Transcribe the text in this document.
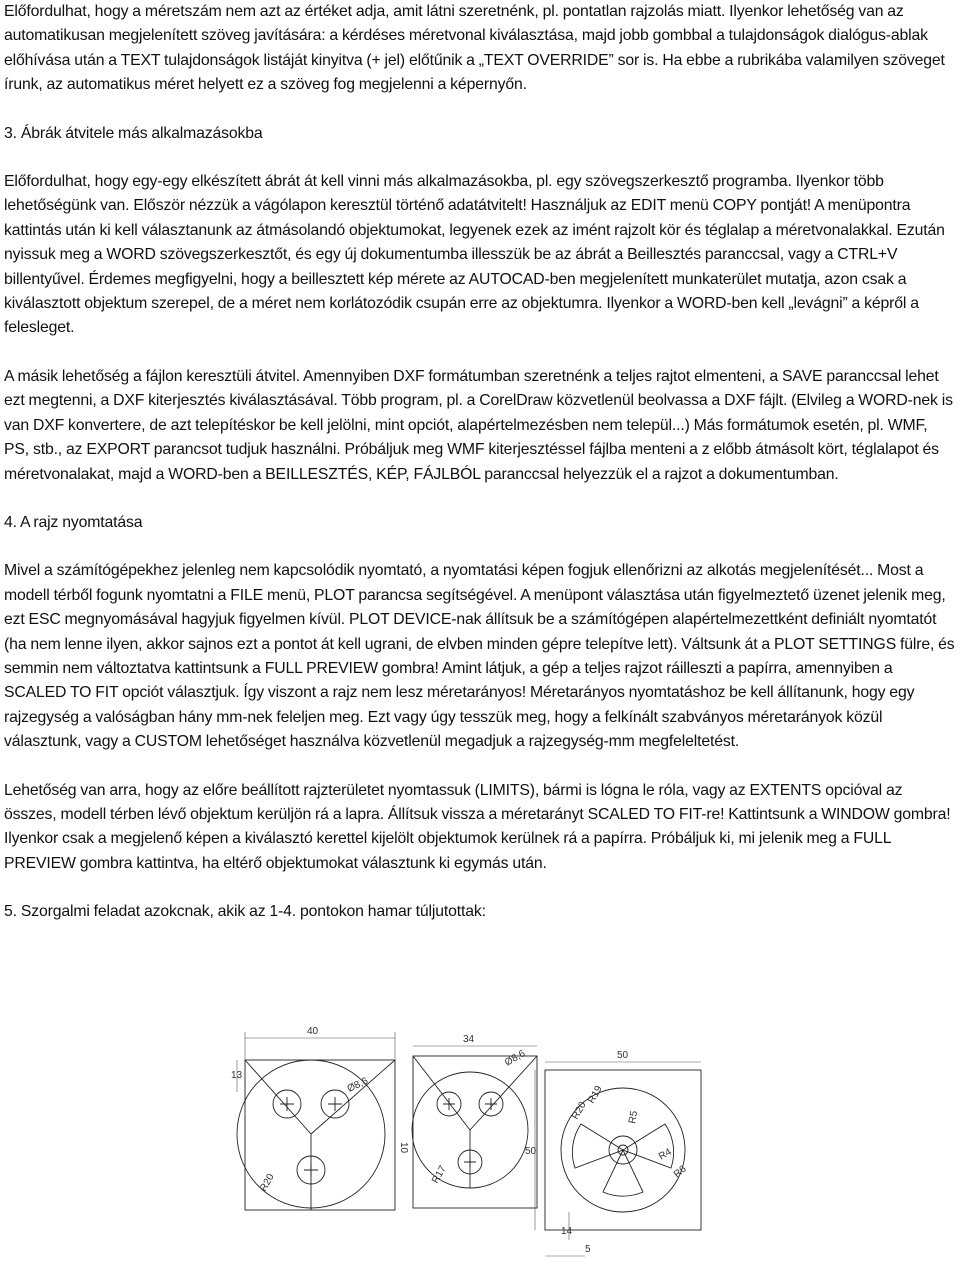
Előfordulhat, hogy a méretszám nem azt az értéket adja, amit látni szeretnénk, pl. pontatlan rajzolás miatt. Ilyenkor lehetőség van az automatikusan megjelenített szöveg javítására: a kérdéses méretvonal kiválasztása, majd jobb gombbal a tulajdonságok dialógus-ablak előhívása után a TEXT tulajdonságok listáját kinyitva (+ jel) előtűnik a „TEXT OVERRIDE” sor is. Ha ebbe a rubrikába valamilyen szöveget írunk, az automatikus méret helyett ez a szöveg fog megjelenni a képernyőn.

3. Ábrák átvitele más alkalmazásokba

Előfordulhat, hogy egy-egy elkészített ábrát át kell vinni más alkalmazásokba, pl. egy szövegszerkesztő programba. Ilyenkor több lehetőségünk van. Először nézzük a vágólapon keresztül történő adatátvitelt! Használjuk az EDIT menü COPY pontját! A menüpontra kattintás után ki kell választanunk az átmásolandó objektumokat, legyenek ezek az imént rajzolt kör és téglalap a méretvonalakkal. Ezután nyissuk meg a WORD szövegszerkesztőt, és egy új dokumentumba illesszük be az ábrát a Beillesztés paranccsal, vagy a CTRL+V billentyűvel. Érdemes megfigyelni, hogy a beillesztett kép mérete az AUTOCAD-ben megjelenített munkaterület mutatja, azon csak a kiválasztott objektum szerepel, de a méret nem korlátozódik csupán erre az objektumra. Ilyenkor a WORD-ben kell „levágni” a képről a felesleget.

A másik lehetőség a fájlon keresztüli átvitel. Amennyiben DXF formátumban szeretnénk a teljes rajtot elmenteni, a SAVE paranccsal lehet ezt megtenni, a DXF kiterjesztés kiválasztásával. Több program, pl. a CorelDraw közvetlenül beolvassa a DXF fájlt. (Elvileg a WORD-nek is van DXF konvertere, de azt telepítéskor be kell jelölni, mint opciót, alapértelmezésben nem települ...) Más formátumok esetén, pl. WMF, PS, stb., az EXPORT parancsot tudjuk használni. Próbáljuk meg WMF kiterjesztéssel fájlba menteni a z előbb átmásolt kört, téglalapot és méretvonalakat, majd a WORD-ben a BEILLESZTÉS, KÉP, FÁJLBÓL paranccsal helyezzük el a rajzot a dokumentumban.

4. A rajz nyomtatása

Mivel a számítógépekhez jelenleg nem kapcsolódik nyomtató, a nyomtatási képen fogjuk ellenőrizni az alkotás megjelenítését... Most a modell térből fogunk nyomtatni a FILE menü, PLOT parancsa segítségével. A menüpont választása után figyelmeztető üzenet jelenik meg, ezt ESC megnyomásával hagyjuk figyelmen kívül. PLOT DEVICE-nak állítsuk be a számítógépen alapértelmezettként definiált nyomtatót (ha nem lenne ilyen, akkor sajnos ezt a pontot át kell ugrani, de elvben minden gépre telepítve lett). Váltsunk át a PLOT SETTINGS fülre, és semmin nem változtatva kattintsunk a FULL PREVIEW gombra! Amint látjuk, a gép a teljes rajzot ráilleszti a papírra, amennyiben a SCALED TO FIT opciót választjuk. Így viszont a rajz nem lesz méretarányos! Méretarányos nyomtatáshoz be kell állítanunk, hogy egy rajzegység a valóságban hány mm-nek feleljen meg. Ezt vagy úgy tesszük meg, hogy a felkínált szabványos méretarányok közül választunk, vagy a CUSTOM lehetőséget használva közvetlenül megadjuk a rajzegység-mm megfeleltetést.

Lehetőség van arra, hogy az előre beállított rajzterületet nyomtassuk (LIMITS), bármi is lógna le róla, vagy az EXTENTS opcióval az összes, modell térben lévő objektum kerüljön rá a lapra. Állítsuk vissza a méretarányt SCALED TO FIT-re! Kattintsunk a WINDOW gombra! Ilyenkor csak a megjelenő képen a kiválasztó kerettel kijelölt objektumok kerülnek rá a papírra. Próbáljuk ki, mi jelenik meg a FULL PREVIEW gombra kattintva, ha eltérő objektumokat választunk ki egymás után.

5. Szorgalmi feladat azokcnak, akik az 1-4. pontokon hamar túljutottak:

40
13
Ø8,6
R20
10
34
Ø8,6
R17
50
50
R19
R20	R5
R4
R6
14
5
